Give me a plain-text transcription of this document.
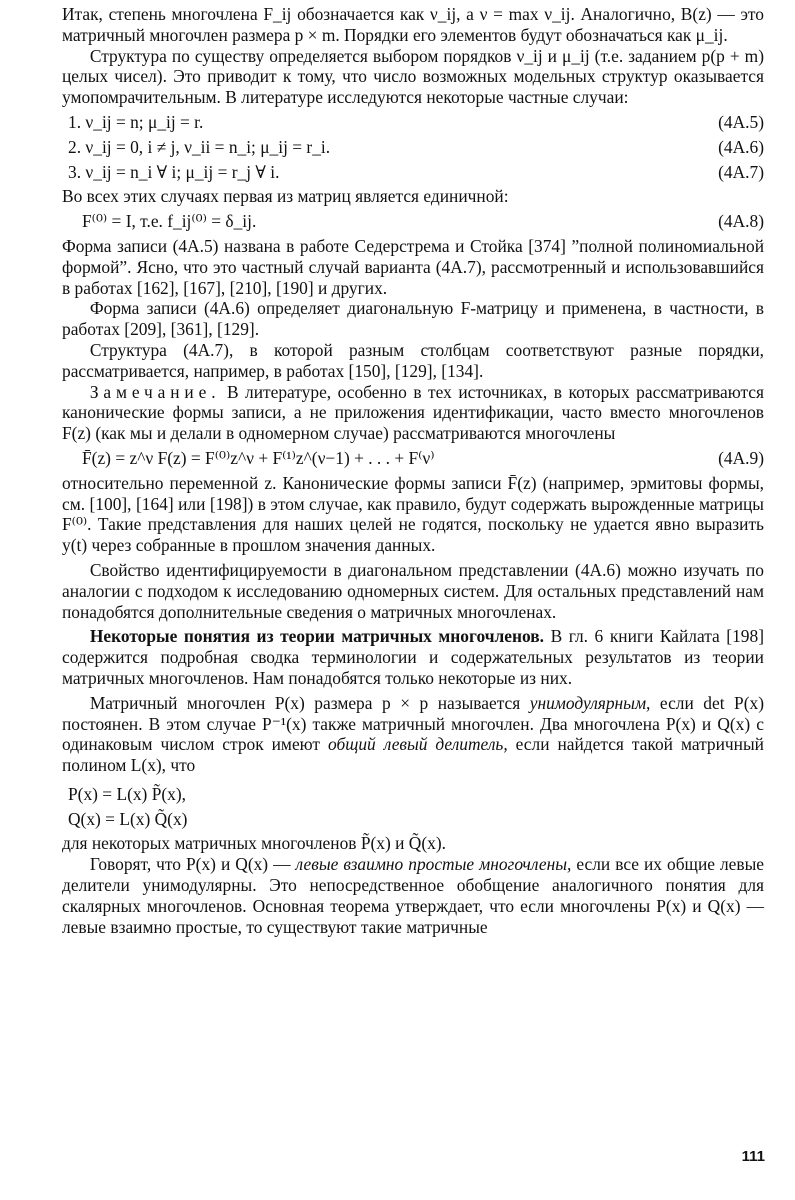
Итак, степень многочлена F_ij обозначается как ν_ij, а ν = max ν_ij. Аналогично, B(z) — это матричный многочлен размера p × m. Порядки его элементов будут обозначаться как μ_ij.

Структура по существу определяется выбором порядков ν_ij и μ_ij (т.е. заданием p(p + m) целых чисел). Это приводит к тому, что число возможных модельных структур оказывается умопомрачительным. В литературе исследуются некоторые частные случаи:

1. ν_ij = n; μ_ij = r.	(4A.5)
2. ν_ij = 0, i ≠ j, ν_ii = n_i; μ_ij = r_i.	(4A.6)
3. ν_ij = n_i ∀ i; μ_ij = r_j ∀ i.	(4A.7)

Во всех этих случаях первая из матриц является единичной:

F⁽⁰⁾ = I, т.е. f_ij⁽⁰⁾ = δ_ij.	(4A.8)

Форма записи (4A.5) названа в работе Седерстрема и Стойка [374] ”полной полиномиальной формой”. Ясно, что это частный случай варианта (4A.7), рассмотренный и использовавшийся в работах [162], [167], [210], [190] и других.

Форма записи (4A.6) определяет диагональную F-матрицу и применена, в частности, в работах [209], [361], [129].

Структура (4A.7), в которой разным столбцам соответствуют разные порядки, рассматривается, например, в работах [150], [129], [134].

Замечание. В литературе, особенно в тех источниках, в которых рассматриваются канонические формы записи, а не приложения идентификации, часто вместо многочленов F(z) (как мы и делали в одномерном случае) рассматриваются многочлены

F̄(z) = z^ν F(z) = F⁽⁰⁾z^ν + F⁽¹⁾z^(ν−1) + . . . + F⁽ν⁾	(4A.9)

относительно переменной z. Канонические формы записи F̄(z) (например, эрмитовы формы, см. [100], [164] или [198]) в этом случае, как правило, будут содержать вырожденные матрицы F⁽⁰⁾. Такие представления для наших целей не годятся, поскольку не удается явно выразить y(t) через собранные в прошлом значения данных.

Свойство идентифицируемости в диагональном представлении (4A.6) можно изучать по аналогии с подходом к исследованию одномерных систем. Для остальных представлений нам понадобятся дополнительные сведения о матричных многочленах.

Некоторые понятия из теории матричных многочленов. В гл. 6 книги Кайлата [198] содержится подробная сводка терминологии и содержательных результатов из теории матричных многочленов. Нам понадобятся только некоторые из них.

Матричный многочлен P(x) размера p × p называется унимодулярным, если det P(x) постоянен. В этом случае P⁻¹(x) также матричный многочлен. Два многочлена P(x) и Q(x) с одинаковым числом строк имеют общий левый делитель, если найдется такой матричный полином L(x), что

P(x) = L(x) P̃(x),
Q(x) = L(x) Q̃(x)

для некоторых матричных многочленов P̃(x) и Q̃(x).

Говорят, что P(x) и Q(x) — левые взаимно простые многочлены, если все их общие левые делители унимодулярны. Это непосредственное обобщение аналогичного понятия для скалярных многочленов. Основная теорема утверждает, что если многочлены P(x) и Q(x) — левые взаимно простые, то существуют такие матричные

111
